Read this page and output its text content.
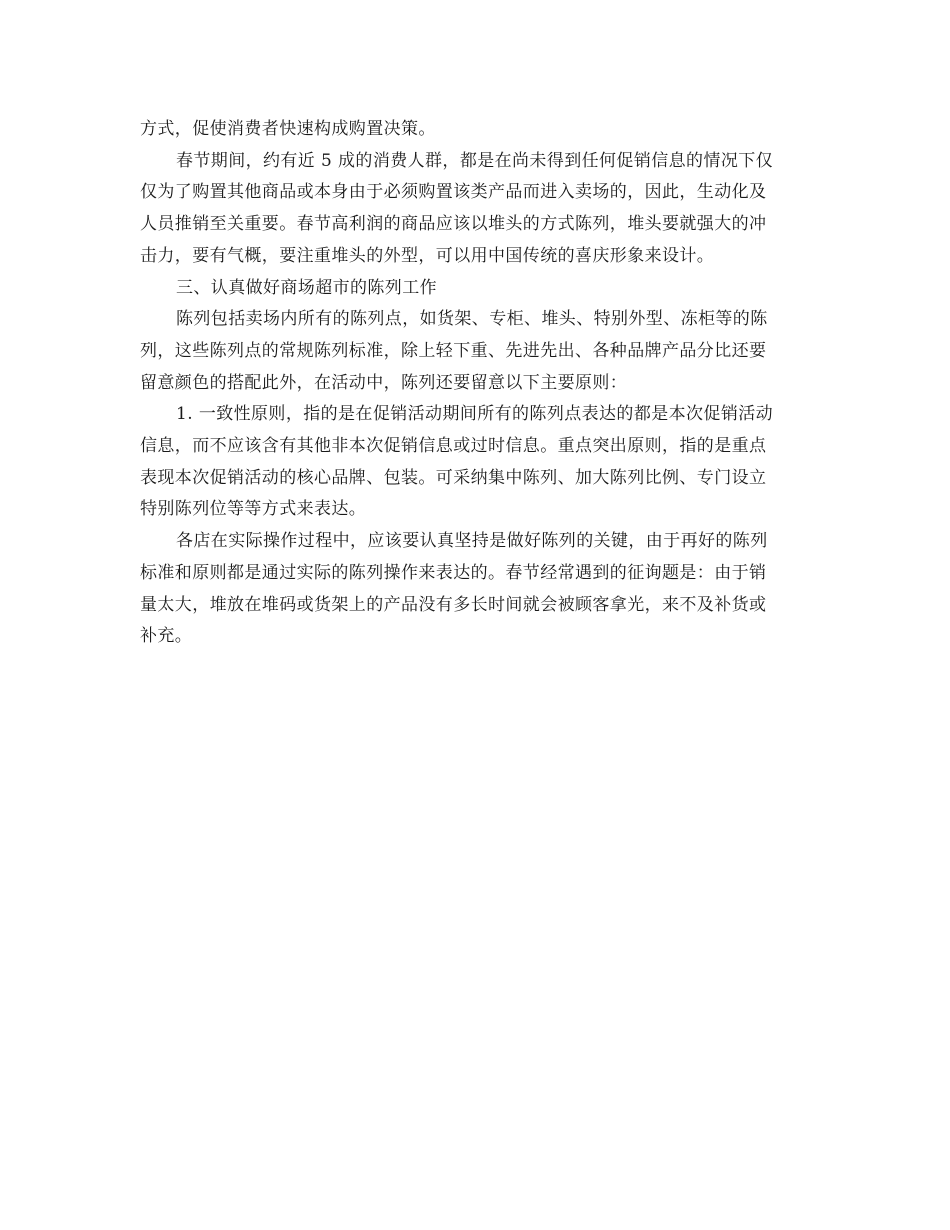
方式，促使消费者快速构成购置决策。

春节期间，约有近 5 成的消费人群，都是在尚未得到任何促销信息的情况下仅
仅为了购置其他商品或本身由于必须购置该类产品而进入卖场的，因此，生动化及
人员推销至关重要。春节高利润的商品应该以堆头的方式陈列，堆头要就强大的冲
击力，要有气概，要注重堆头的外型，可以用中国传统的喜庆形象来设计。

三、认真做好商场超市的陈列工作

陈列包括卖场内所有的陈列点，如货架、专柜、堆头、特别外型、冻柜等的陈
列，这些陈列点的常规陈列标准，除上轻下重、先进先出、各种品牌产品分比还要
留意颜色的搭配此外，在活动中，陈列还要留意以下主要原则：

1. 一致性原则，指的是在促销活动期间所有的陈列点表达的都是本次促销活动
信息，而不应该含有其他非本次促销信息或过时信息。重点突出原则，指的是重点
表现本次促销活动的核心品牌、包装。可采纳集中陈列、加大陈列比例、专门设立
特别陈列位等等方式来表达。

各店在实际操作过程中，应该要认真坚持是做好陈列的关键，由于再好的陈列
标准和原则都是通过实际的陈列操作来表达的。春节经常遇到的征询题是：由于销
量太大，堆放在堆码或货架上的产品没有多长时间就会被顾客拿光，来不及补货或
补充。
